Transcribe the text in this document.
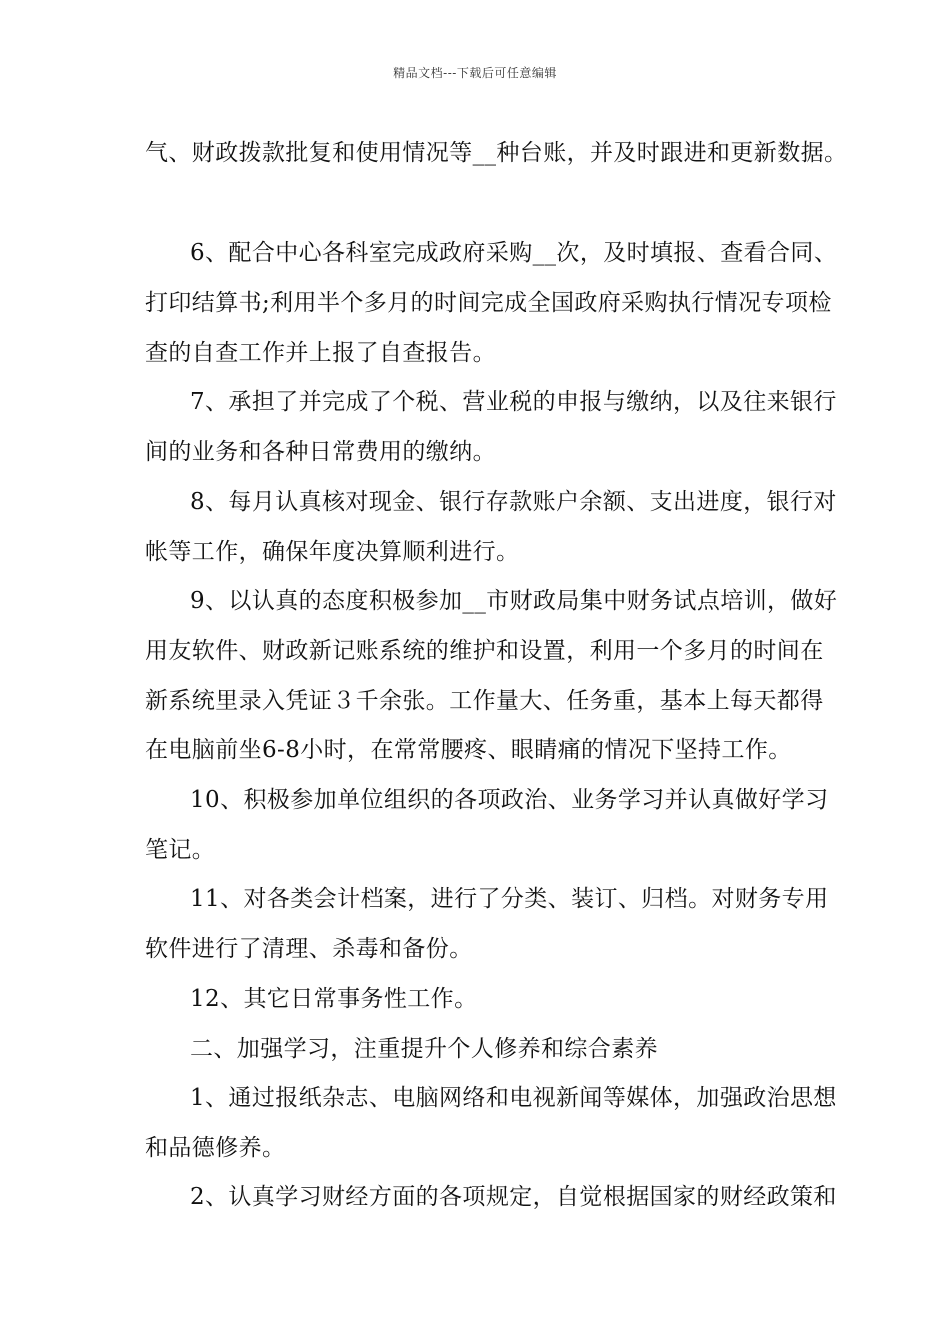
精品文档---下载后可任意编辑
气、财政拨款批复和使用情况等__种台账，并及时跟进和更新数据。
6、配合中心各科室完成政府采购__次，及时填报、查看合同、
打印结算书;利用半个多月的时间完成全国政府采购执行情况专项检
查的自查工作并上报了自查报告。
7、承担了并完成了个税、营业税的申报与缴纳，以及往来银行
间的业务和各种日常费用的缴纳。
8、每月认真核对现金、银行存款账户余额、支出进度，银行对
帐等工作，确保年度决算顺利进行。
9、以认真的态度积极参加__市财政局集中财务试点培训，做好
用友软件、财政新记账系统的维护和设置，利用一个多月的时间在
新系统里录入凭证３千余张。工作量大、任务重，基本上每天都得
在电脑前坐6-8小时，在常常腰疼、眼睛痛的情况下坚持工作。
10、积极参加单位组织的各项政治、业务学习并认真做好学习
笔记。
11、对各类会计档案，进行了分类、装订、归档。对财务专用
软件进行了清理、杀毒和备份。
12、其它日常事务性工作。
二、加强学习，注重提升个人修养和综合素养
1、通过报纸杂志、电脑网络和电视新闻等媒体，加强政治思想
和品德修养。
2、认真学习财经方面的各项规定，自觉根据国家的财经政策和
